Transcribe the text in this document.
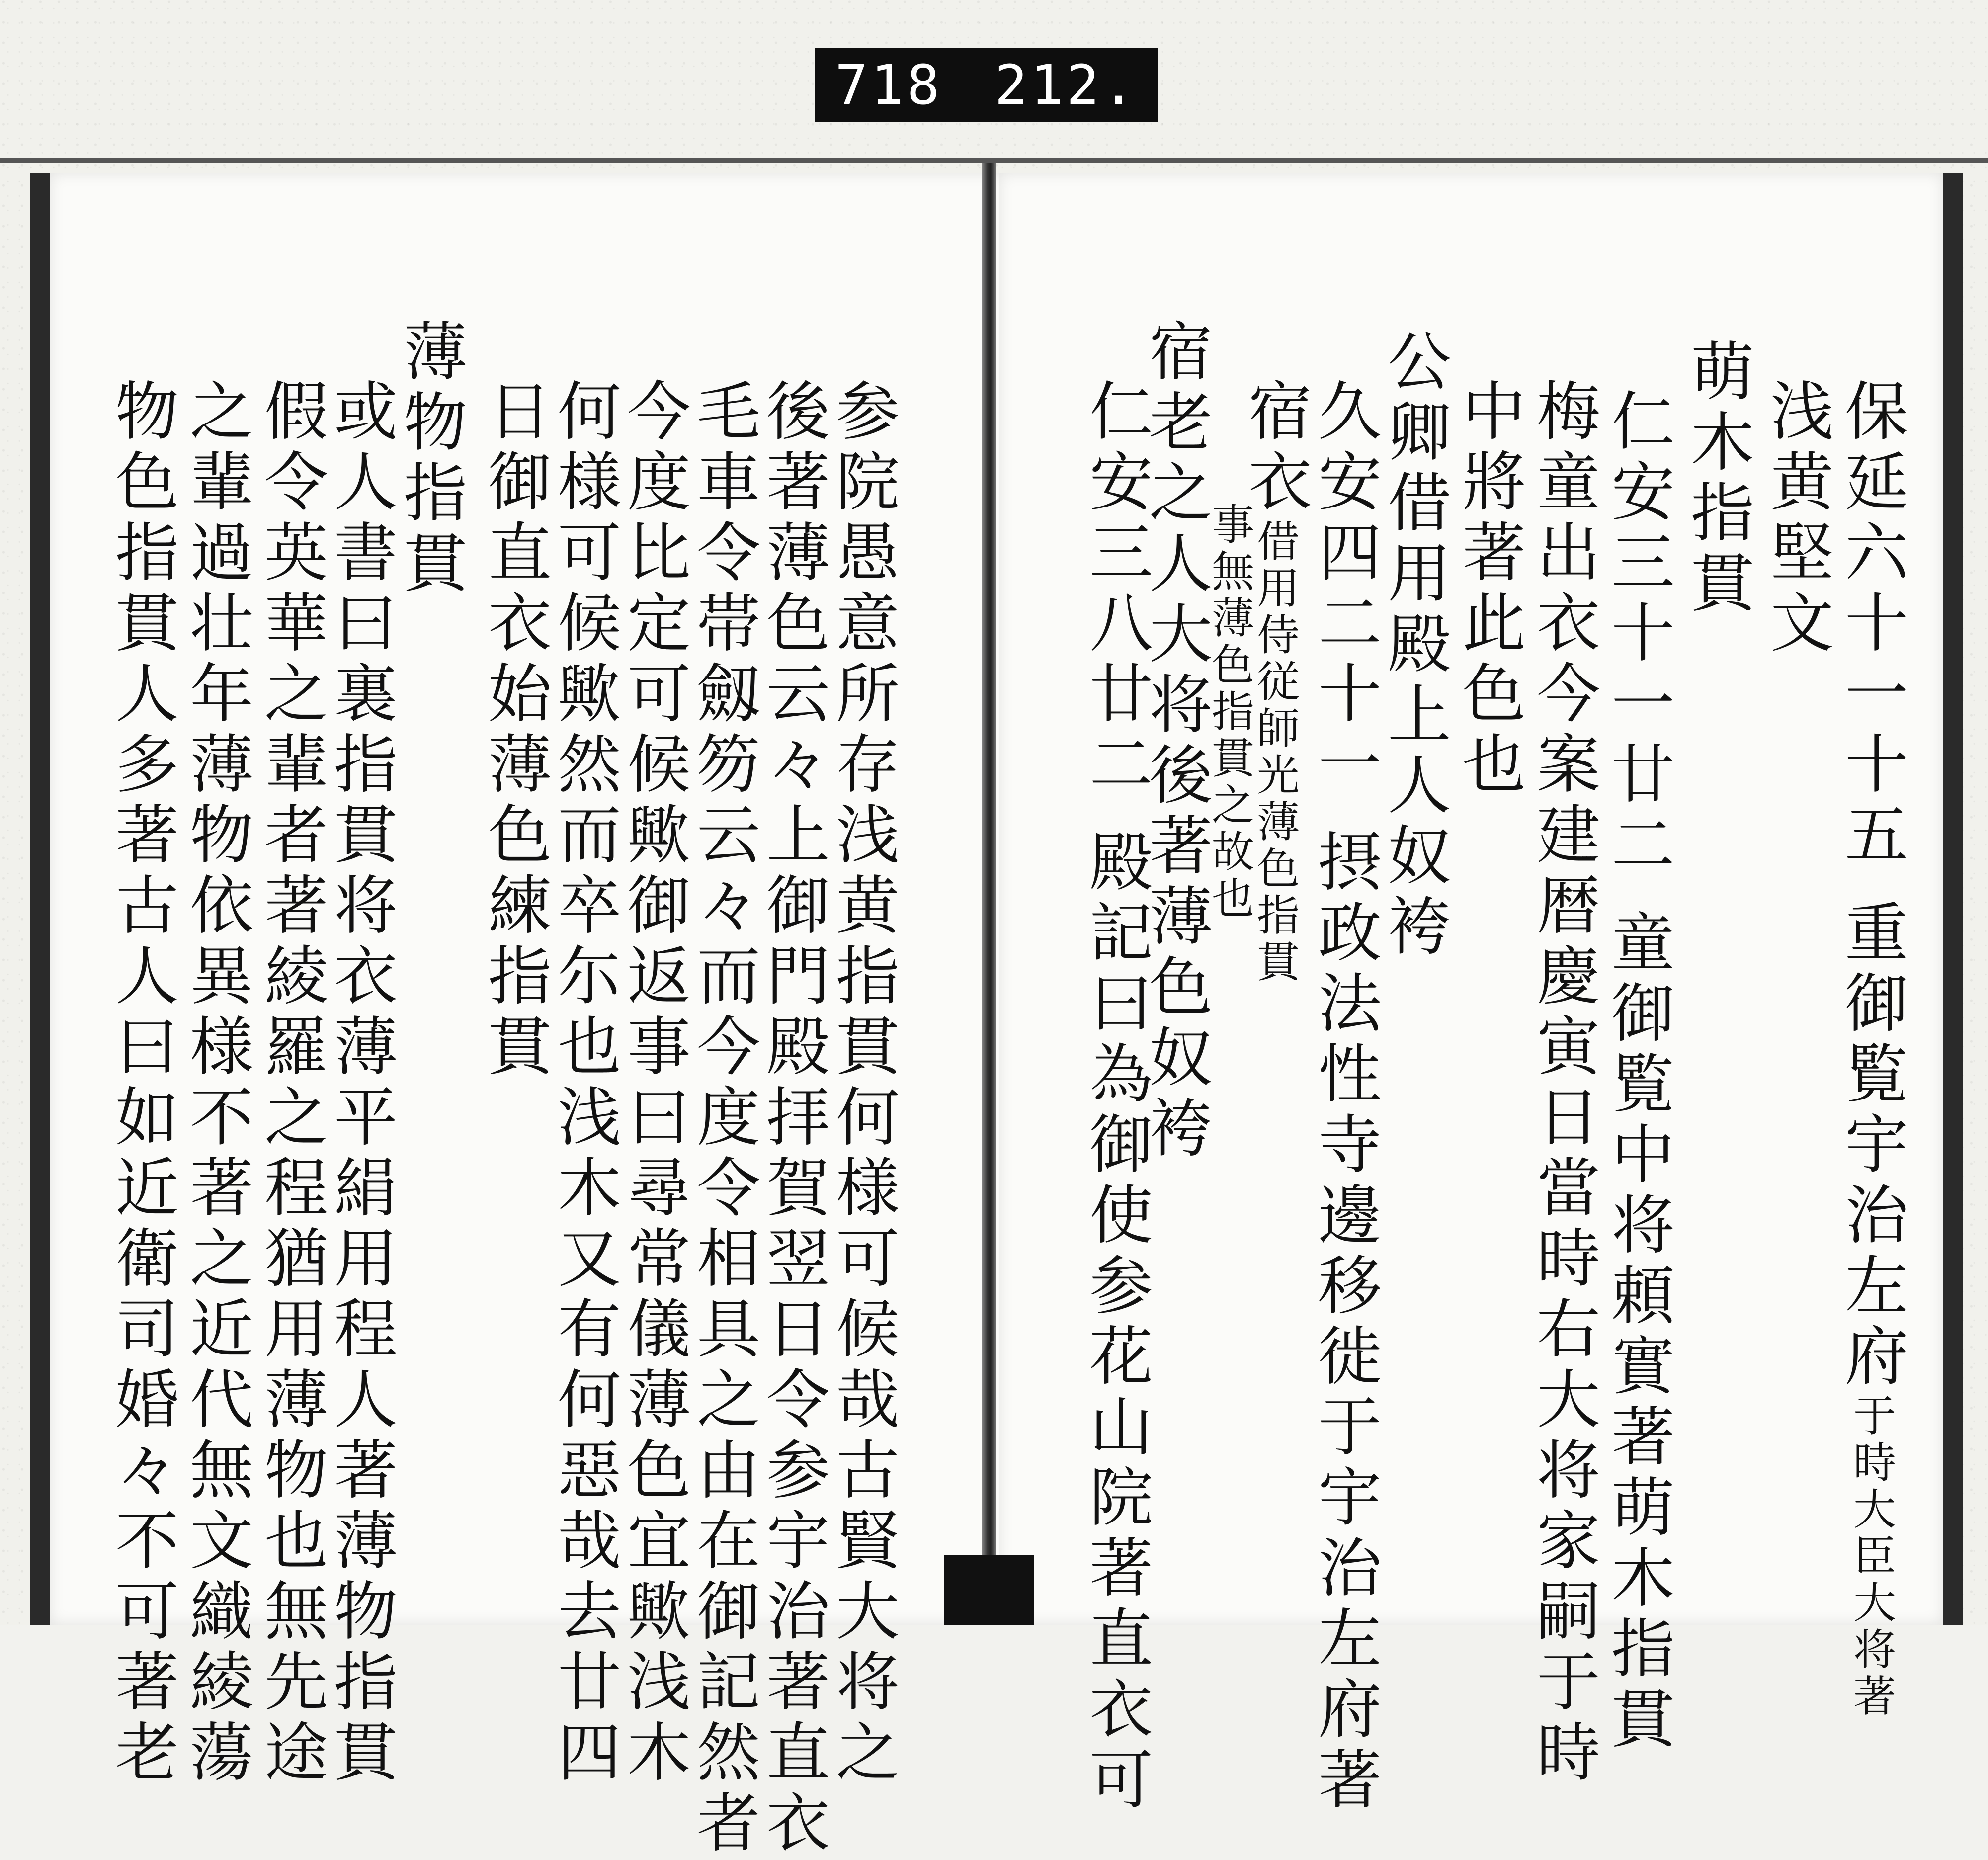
718 212.
保延六十一十五 重御覧宇治左府于時大臣大将著
浅黄堅文
萌木指貫
仁安三十一廿二 童御覧中将頼實著萌木指貫
梅童出衣今案建暦慶寅日當時右大将家嗣于時
中將著此色也
公卿借用殿上人奴袴
久安四二十一 摂政法性寺邊移徙于宇治左府著
宿衣借用侍従師光薄色指貫
事無薄色指貫之故也
宿老之人大将後著薄色奴袴
仁安三八廿二 殿記曰為御使参花山院著直衣可
参院愚意所存浅黄指貫何様可候哉古賢大将之
後著薄色云々上御門殿拝賀翌日令参宇治著直衣
毛車令帯劔笏云々而今度令相具之由在御記然者
今度比定可候歟御返事曰尋常儀薄色宜歟浅木
何様可候歟然而卒尓也浅木又有何惡哉去廿四
日御直衣始薄色練指貫
薄物指貫
或人書曰裏指貫将衣薄平絹用程人著薄物指貫
假令英華之輩者著綾羅之程猶用薄物也無先途
之輩過壮年薄物依異様不著之近代無文織綾蕩
物色指貫人多著古人曰如近衛司婚々不可著老
